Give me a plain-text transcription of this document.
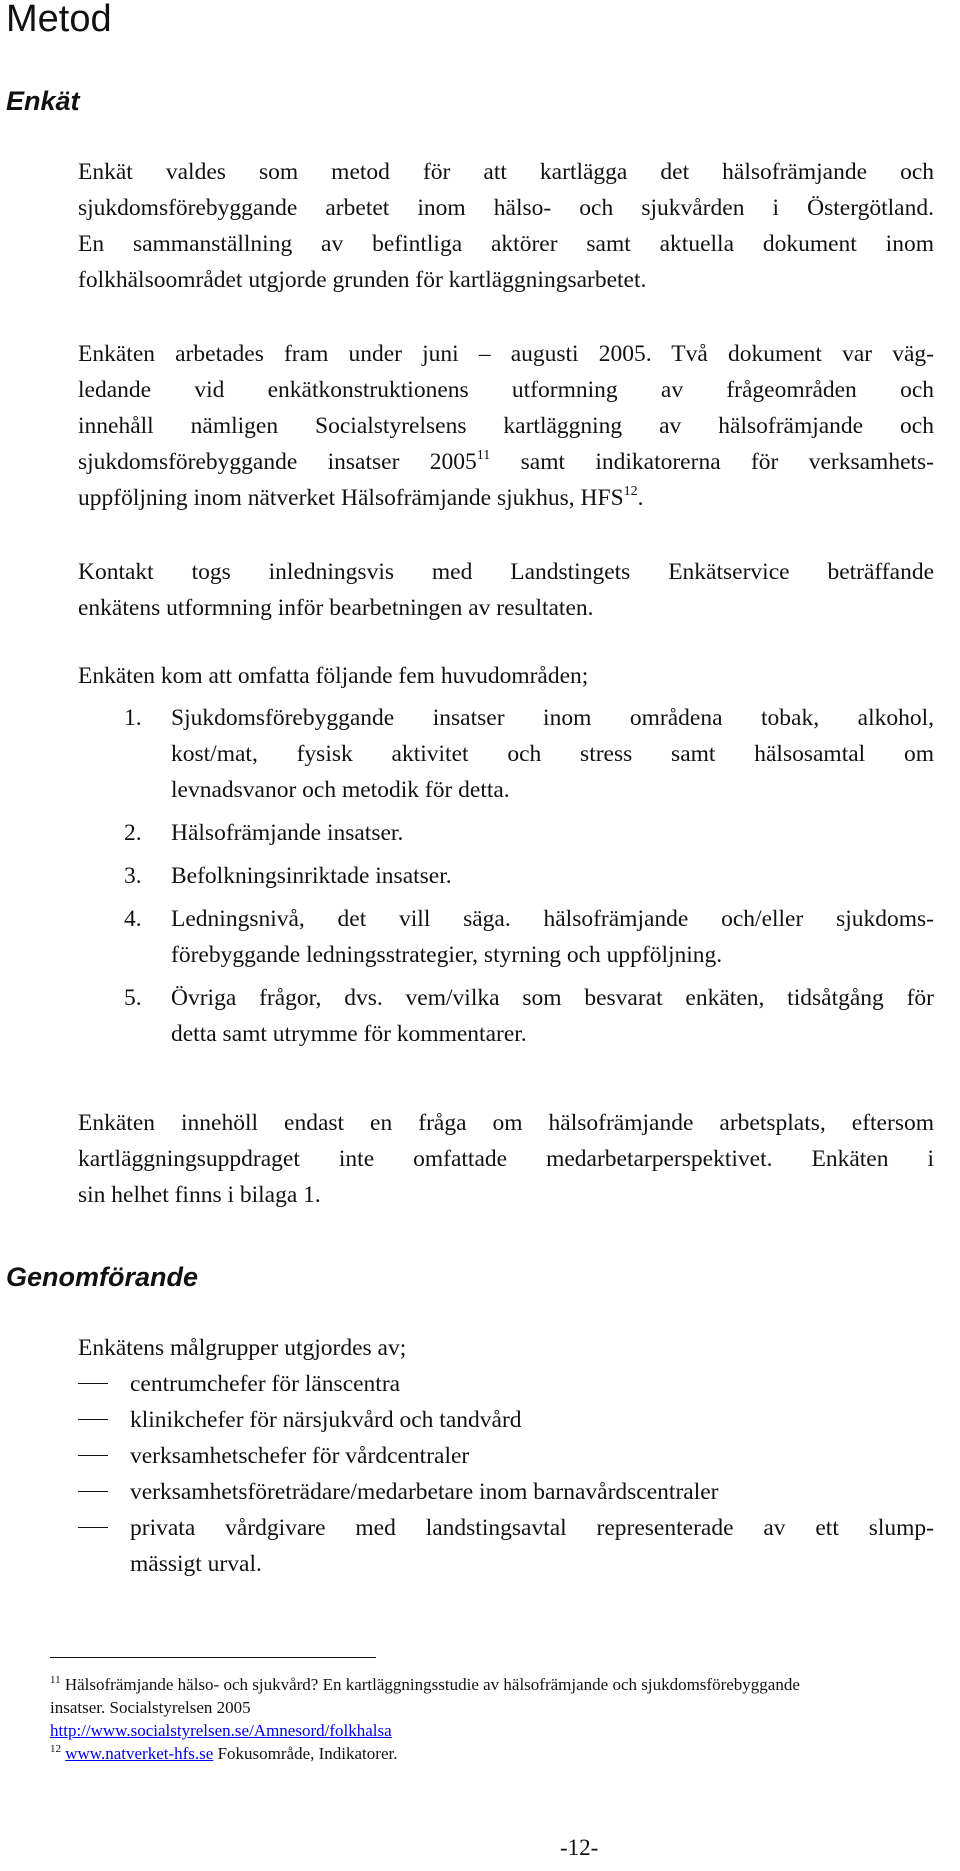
Metod
Enkät

Enkät valdes som metod för att kartlägga det hälsofrämjande och
sjukdomsförebyggande arbetet inom hälso- och sjukvården i Östergötland.
En sammanställning av befintliga aktörer samt aktuella dokument inom
folkhälsoområdet utgjorde grunden för kartläggningsarbetet.

Enkäten arbetades fram under juni – augusti 2005. Två dokument var väg-
ledande vid enkätkonstruktionens utformning av frågeområden och
innehåll nämligen Socialstyrelsens kartläggning av hälsofrämjande och
sjukdomsförebyggande insatser 2005$^{11}$ samt indikatorerna för verksamhets-
uppföljning inom nätverket Hälsofrämjande sjukhus, HFS$^{12}$.

Kontakt togs inledningsvis med Landstingets Enkätservice beträffande
enkätens utformning inför bearbetningen av resultaten.

Enkäten kom att omfatta följande fem huvudområden;

1. Sjukdomsförebyggande insatser inom områdena tobak, alkohol,
kost/mat, fysisk aktivitet och stress samt hälsosamtal om
levnadsvanor och metodik för detta.
2. Hälsofrämjande insatser.
3. Befolkningsinriktade insatser.
4. Ledningsnivå, det vill säga. hälsofrämjande och/eller sjukdoms-
förebyggande ledningsstrategier, styrning och uppföljning.
5. Övriga frågor, dvs. vem/vilka som besvarat enkäten, tidsåtgång för
detta samt utrymme för kommentarer.

Enkäten innehöll endast en fråga om hälsofrämjande arbetsplats, eftersom
kartläggningsuppdraget inte omfattade medarbetarperspektivet. Enkäten i
sin helhet finns i bilaga 1.

Genomförande

Enkätens målgrupper utgjordes av;

centrumchefer för länscentra
klinikchefer för närsjukvård och tandvård
verksamhetschefer för vårdcentraler
verksamhetsföreträdare/medarbetare inom barnavårdscentraler
privata vårdgivare med landstingsavtal representerade av ett slump-
mässigt urval.
$^{11}$ Hälsofrämjande hälso- och sjukvård? En kartläggningsstudie av hälsofrämjande och sjukdomsförebyggande
insatser. Socialstyrelsen 2005
http://www.socialstyrelsen.se/Amnesord/folkhalsa
$^{12}$ www.natverket-hfs.se Fokusområde, Indikatorer.
-12-
